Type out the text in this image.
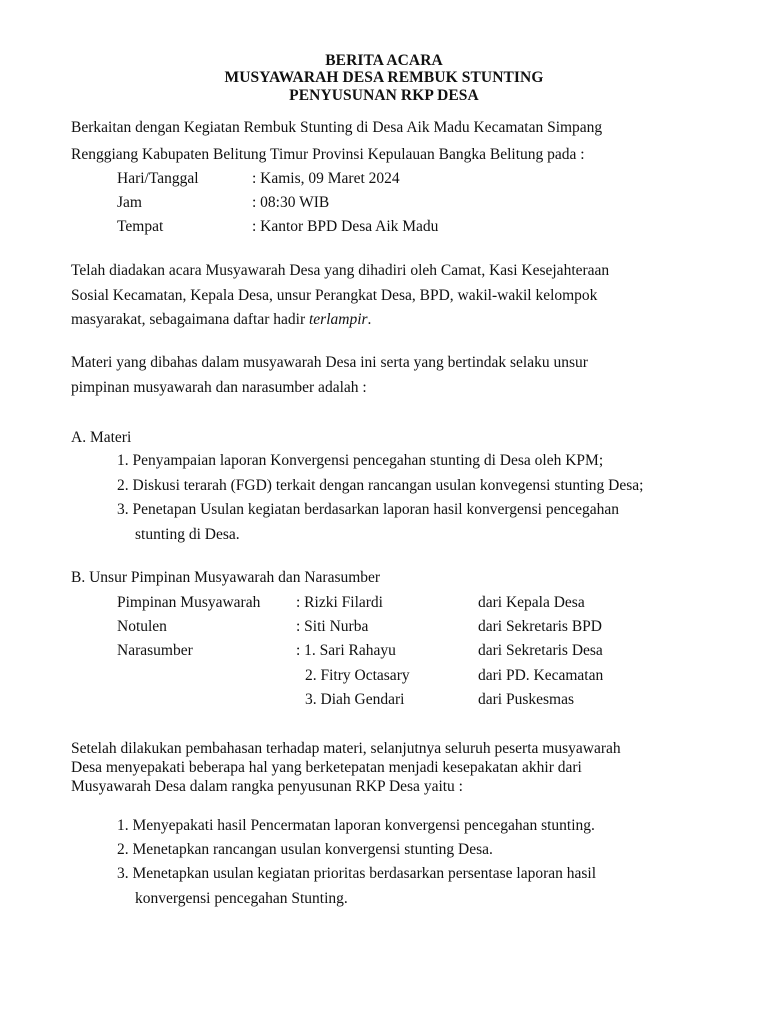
BERITA ACARA
MUSYAWARAH DESA REMBUK STUNTING
PENYUSUNAN RKP DESA
Berkaitan dengan Kegiatan Rembuk Stunting di Desa Aik Madu Kecamatan Simpang
Renggiang Kabupaten Belitung Timur Provinsi Kepulauan Bangka Belitung pada :
Hari/Tanggal	: Kamis, 09 Maret 2024
Jam	: 08:30 WIB
Tempat	: Kantor BPD Desa Aik Madu
Telah diadakan acara Musyawarah Desa yang dihadiri oleh Camat, Kasi Kesejahteraan
Sosial Kecamatan, Kepala Desa, unsur Perangkat Desa, BPD, wakil-wakil kelompok
masyarakat, sebagaimana daftar hadir terlampir.
Materi yang dibahas dalam musyawarah Desa ini serta yang bertindak selaku unsur
pimpinan musyawarah dan narasumber adalah :
A. Materi
1. Penyampaian laporan Konvergensi pencegahan stunting di Desa oleh KPM;
2. Diskusi terarah (FGD) terkait dengan rancangan usulan konvegensi stunting Desa;
3. Penetapan Usulan kegiatan berdasarkan laporan hasil konvergensi pencegahan
stunting di Desa.
B. Unsur Pimpinan Musyawarah dan Narasumber
Pimpinan Musyawarah : Rizki Filardi	dari Kepala Desa
Notulen	: Siti Nurba	dari Sekretaris BPD
Narasumber	: 1. Sari Rahayu	dari Sekretaris Desa
2. Fitry Octasary	dari PD. Kecamatan
3. Diah Gendari	dari Puskesmas
Setelah dilakukan pembahasan terhadap materi, selanjutnya seluruh peserta musyawarah
Desa menyepakati beberapa hal yang berketepatan menjadi kesepakatan akhir dari
Musyawarah Desa dalam rangka penyusunan RKP Desa yaitu :
1. Menyepakati hasil Pencermatan laporan konvergensi pencegahan stunting.
2. Menetapkan rancangan usulan konvergensi stunting Desa.
3. Menetapkan usulan kegiatan prioritas berdasarkan persentase laporan hasil
konvergensi pencegahan Stunting.
